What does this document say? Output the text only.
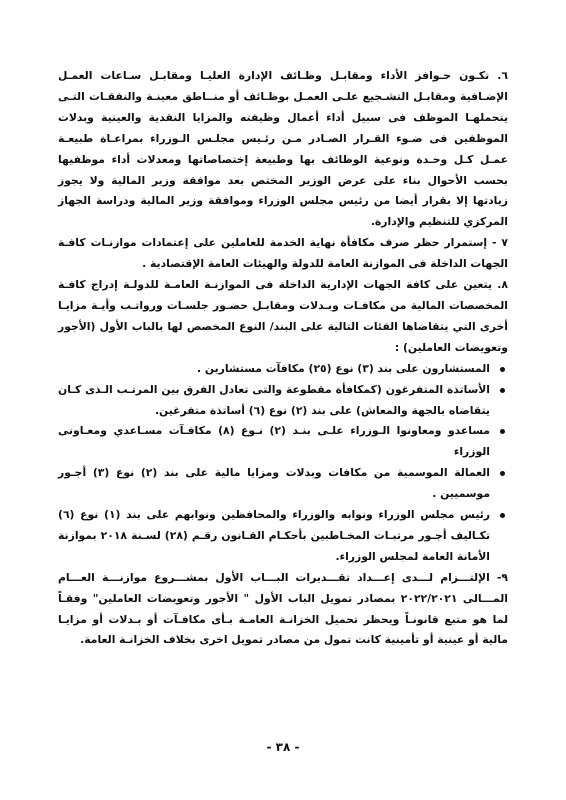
٦. تكـون حـوافز الأداء ومقابـل وظـائف الإدارة العليـا ومقابـل سـاعات العمـل الإضـافية ومقابـل التشـجيع علـى العمـل بوظـائف أو منــاطق معينـة والنفقـات التـى يتحملهـا الموظف فى سبيل أداء أعمال وظيفته والمزايا النقدية والعينية وبدلات الموظفين فى ضـوء القـرار الصـادر مـن رئـيس مجلـس الـوزراء بمراعـاة طبيعـة عمـل كـل وحـدة ونوعية الوظائف بها وطبيعة إختصاصاتها ومعدلات أداء موظفيها بحسب الأحوال بناء على عرض الوزير المختص بعد موافقة وزير المالية ولا يجوز زيادتها إلا بقرار أيضا من رئيس مجلس الوزراء وموافقة وزير المالية ودراسة الجهاز المركزي للتنظيم والإدارة.

٧ - إستمرار حظر صرف مكافأة نهاية الخدمة للعاملين على إعتمادات موازنـات كافـة الجهات الداخلة فى الموازنة العامة للدولة والهيئات العامة الإقتصادية .

٨. يتعين على كافة الجهات الإدارية الداخلة فى الموازنـة العامـة للدولـة إدراج كافـة المخصصات المالية من مكافـات وبـدلات ومقابـل حضـور جلسـات ورواتـب وأيـة مزايـا أخرى التي يتقاضاها الفئات التالية على البند/ النوع المخصص لها بالباب الأول (الأجور وتعويضات العاملين) :

المستشارون على بند (٣) نوع (٢٥) مكافآت مستشارين .
الأساتذة المتفرغون (كمكافأة مقطوعة والتى تعادل الفرق بين المرتـب الـذى كـان يتقاضاه بالجهة والمعاش) على بند (٢) نوع (٦) أساتذة متفرغين.
مساعدو ومعاونوا الـوزراء علـى بنـد (٢) نـوع (٨) مكافـآت مسـاعدي ومعـاونى الوزراء
العمالة الموسمية من مكافات وبدلات ومزايا مالية على بند (٢) نوع (٣) أجـور موسميين .
رئيس مجلس الوزراء ونوابه والوزراء والمحافظين ونوابهم على بند (١) نوع (٦) تكـاليف أجـور مرتبـات المخـاطبين بأحكـام القـانون رقـم (٢٨) لسـنة ٢٠١٨ بموازنة الأمانة العامة لمجلس الوزراء.

٩- الإلتـــزام لـــدى إعـــداد تقـــديرات البـــاب الأول بمشـــروع موازنـــة العـــام المـــالى ٢٠٢٢/٢٠٢١ بمصادر تمويل الباب الأول " الأجور وتعويضات العاملين" وفقـاً لما هو متبع قانونـاً ويحظر تحميل الخزانـة العامـة بـأى مكافـآت أو بـدلات أو مزايـا مالية أو عينية أو تأمينية كانت تمول من مصادر تمويل اخرى بخلاف الخزانـة العامة.

- ٣٨ -
